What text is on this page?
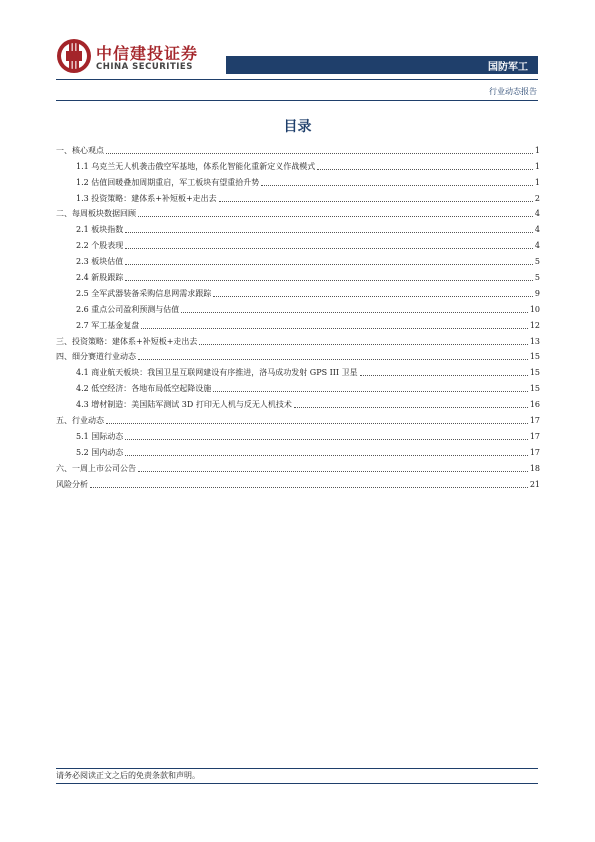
中信建投证券
CHINA SECURITIES	国防军工
行业动态报告
目录
一、核心观点	1
1.1 乌克兰无人机袭击俄空军基地，体系化智能化重新定义作战模式	1
1.2 估值回暖叠加周期重启，军工板块有望重拾升势	1
1.3 投资策略：建体系+补短板+走出去	2
二、每周板块数据回顾	4
2.1 板块指数	4
2.2 个股表现	4
2.3 板块估值	5
2.4 新股跟踪	5
2.5 全军武器装备采购信息网需求跟踪	9
2.6 重点公司盈利预测与估值	10
2.7 军工基金复盘	12
三、投资策略：建体系+补短板+走出去	13
四、细分赛道行业动态	15
4.1 商业航天板块：我国卫星互联网建设有序推进，洛马成功发射 GPS III 卫星	15
4.2 低空经济：各地布局低空起降设施	15
4.3 增材制造：美国陆军测试 3D 打印无人机与反无人机技术	16
五、行业动态	17
5.1 国际动态	17
5.2 国内动态	17
六、一周上市公司公告	18
风险分析	21
请务必阅读正文之后的免责条款和声明。
